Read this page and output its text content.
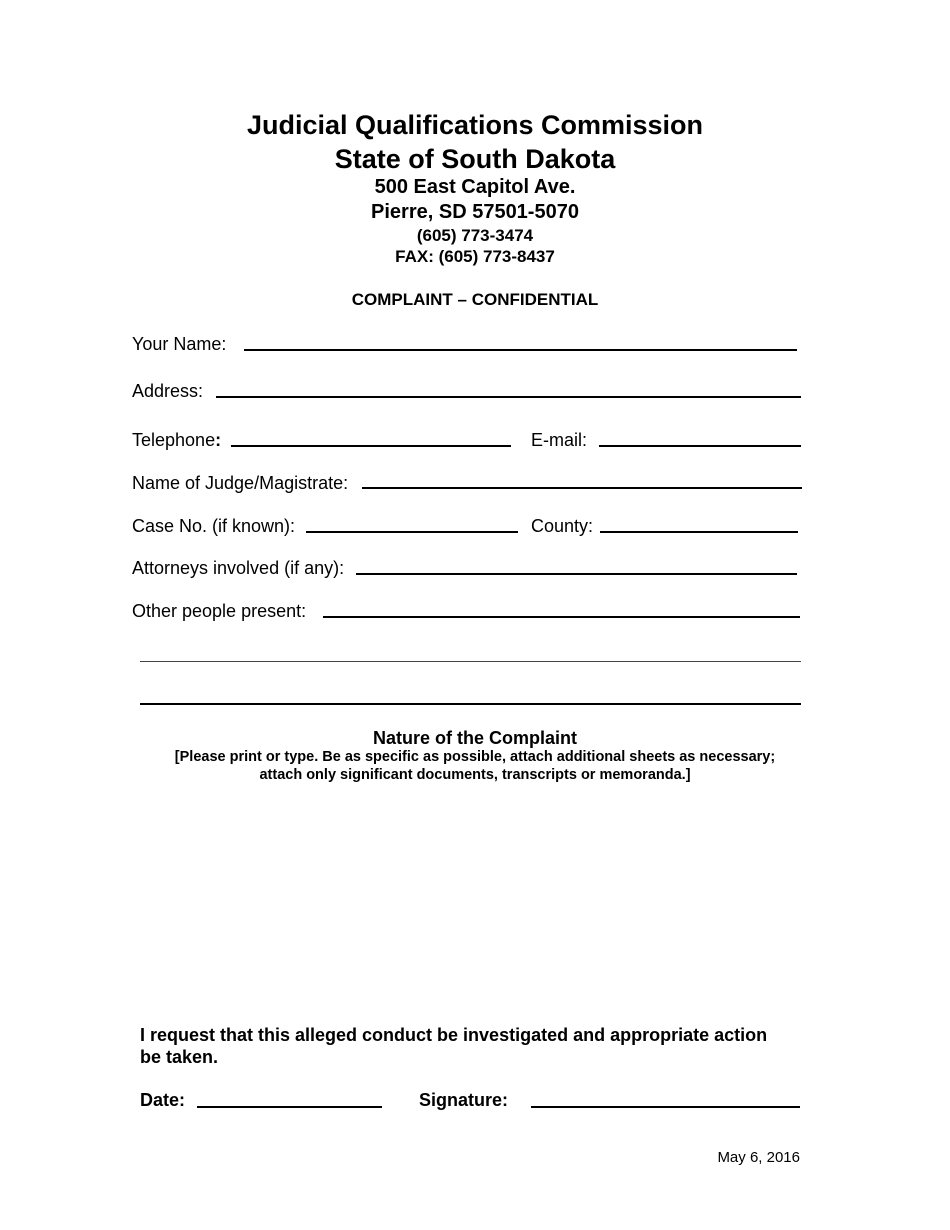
Judicial Qualifications Commission
State of South Dakota
500 East Capitol Ave.
Pierre, SD 57501-5070
(605) 773-3474
FAX: (605) 773-8437
COMPLAINT – CONFIDENTIAL
Your Name:
Address:
Telephone:	E-mail:
Name of Judge/Magistrate:
Case No. (if known):	County:
Attorneys involved (if any):
Other people present:
Nature of the Complaint
[Please print or type. Be as specific as possible, attach additional sheets as necessary;
attach only significant documents, transcripts or memoranda.]
I request that this alleged conduct be investigated and appropriate action
be taken.
Date:	Signature:
May 6, 2016
